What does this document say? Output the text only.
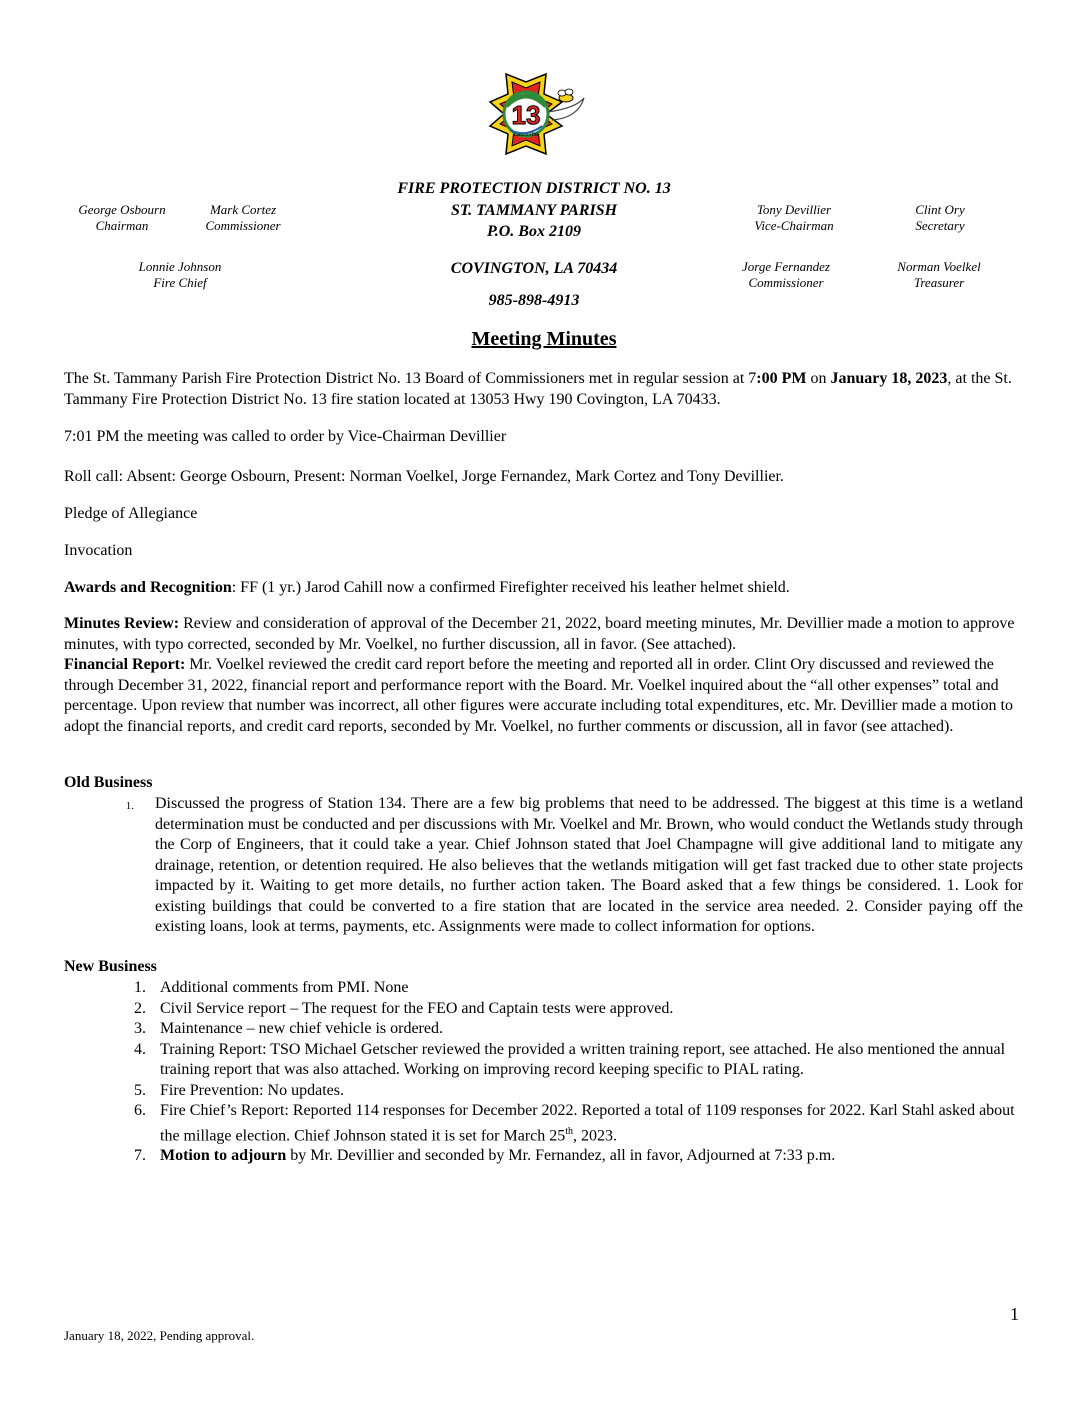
13
Lacombe
FIRE PROTECTION DISTRICT NO. 13
ST. TAMMANY PARISH
P.O. Box 2109
COVINGTON, LA 70434
985-898-4913
George Osbourn
Chairman
Mark Cortez
Commissioner
Lonnie Johnson
Fire Chief
Tony Devillier
Vice-Chairman
Clint Ory
Secretary
Jorge Fernandez
Commissioner
Norman Voelkel
Treasurer
Meeting Minutes
The St. Tammany Parish Fire Protection District No. 13 Board of Commissioners met in regular session at 7:00 PM on January 18, 2023, at the St. Tammany Fire Protection District No. 13 fire station located at 13053 Hwy 190 Covington, LA 70433.
7:01 PM the meeting was called to order by Vice-Chairman Devillier
Roll call: Absent: George Osbourn, Present: Norman Voelkel, Jorge Fernandez, Mark Cortez and Tony Devillier.
Pledge of Allegiance
Invocation
Awards and Recognition: FF (1 yr.) Jarod Cahill now a confirmed Firefighter received his leather helmet shield.
Minutes Review: Review and consideration of approval of the December 21, 2022, board meeting minutes, Mr. Devillier made a motion to approve minutes, with typo corrected, seconded by Mr. Voelkel, no further discussion, all in favor. (See attached).
Financial Report: Mr. Voelkel reviewed the credit card report before the meeting and reported all in order. Clint Ory discussed and reviewed the through December 31, 2022, financial report and performance report with the Board. Mr. Voelkel inquired about the “all other expenses” total and percentage. Upon review that number was incorrect, all other figures were accurate including total expenditures, etc. Mr. Devillier made a motion to adopt the financial reports, and credit card reports, seconded by Mr. Voelkel, no further comments or discussion, all in favor (see attached).
Old Business
1. Discussed the progress of Station 134. There are a few big problems that need to be addressed. The biggest at this time is a wetland determination must be conducted and per discussions with Mr. Voelkel and Mr. Brown, who would conduct the Wetlands study through the Corp of Engineers, that it could take a year. Chief Johnson stated that Joel Champagne will give additional land to mitigate any drainage, retention, or detention required. He also believes that the wetlands mitigation will get fast tracked due to other state projects impacted by it. Waiting to get more details, no further action taken. The Board asked that a few things be considered. 1. Look for existing buildings that could be converted to a fire station that are located in the service area needed. 2. Consider paying off the existing loans, look at terms, payments, etc. Assignments were made to collect information for options.
New Business
1. Additional comments from PMI. None
2. Civil Service report – The request for the FEO and Captain tests were approved.
3. Maintenance – new chief vehicle is ordered.
4. Training Report: TSO Michael Getscher reviewed the provided a written training report, see attached. He also mentioned the annual training report that was also attached. Working on improving record keeping specific to PIAL rating.
5. Fire Prevention: No updates.
6. Fire Chief’s Report: Reported 114 responses for December 2022. Reported a total of 1109 responses for 2022. Karl Stahl asked about the millage election. Chief Johnson stated it is set for March 25th, 2023.
7. Motion to adjourn by Mr. Devillier and seconded by Mr. Fernandez, all in favor, Adjourned at 7:33 p.m.
1
January 18, 2022, Pending approval.
